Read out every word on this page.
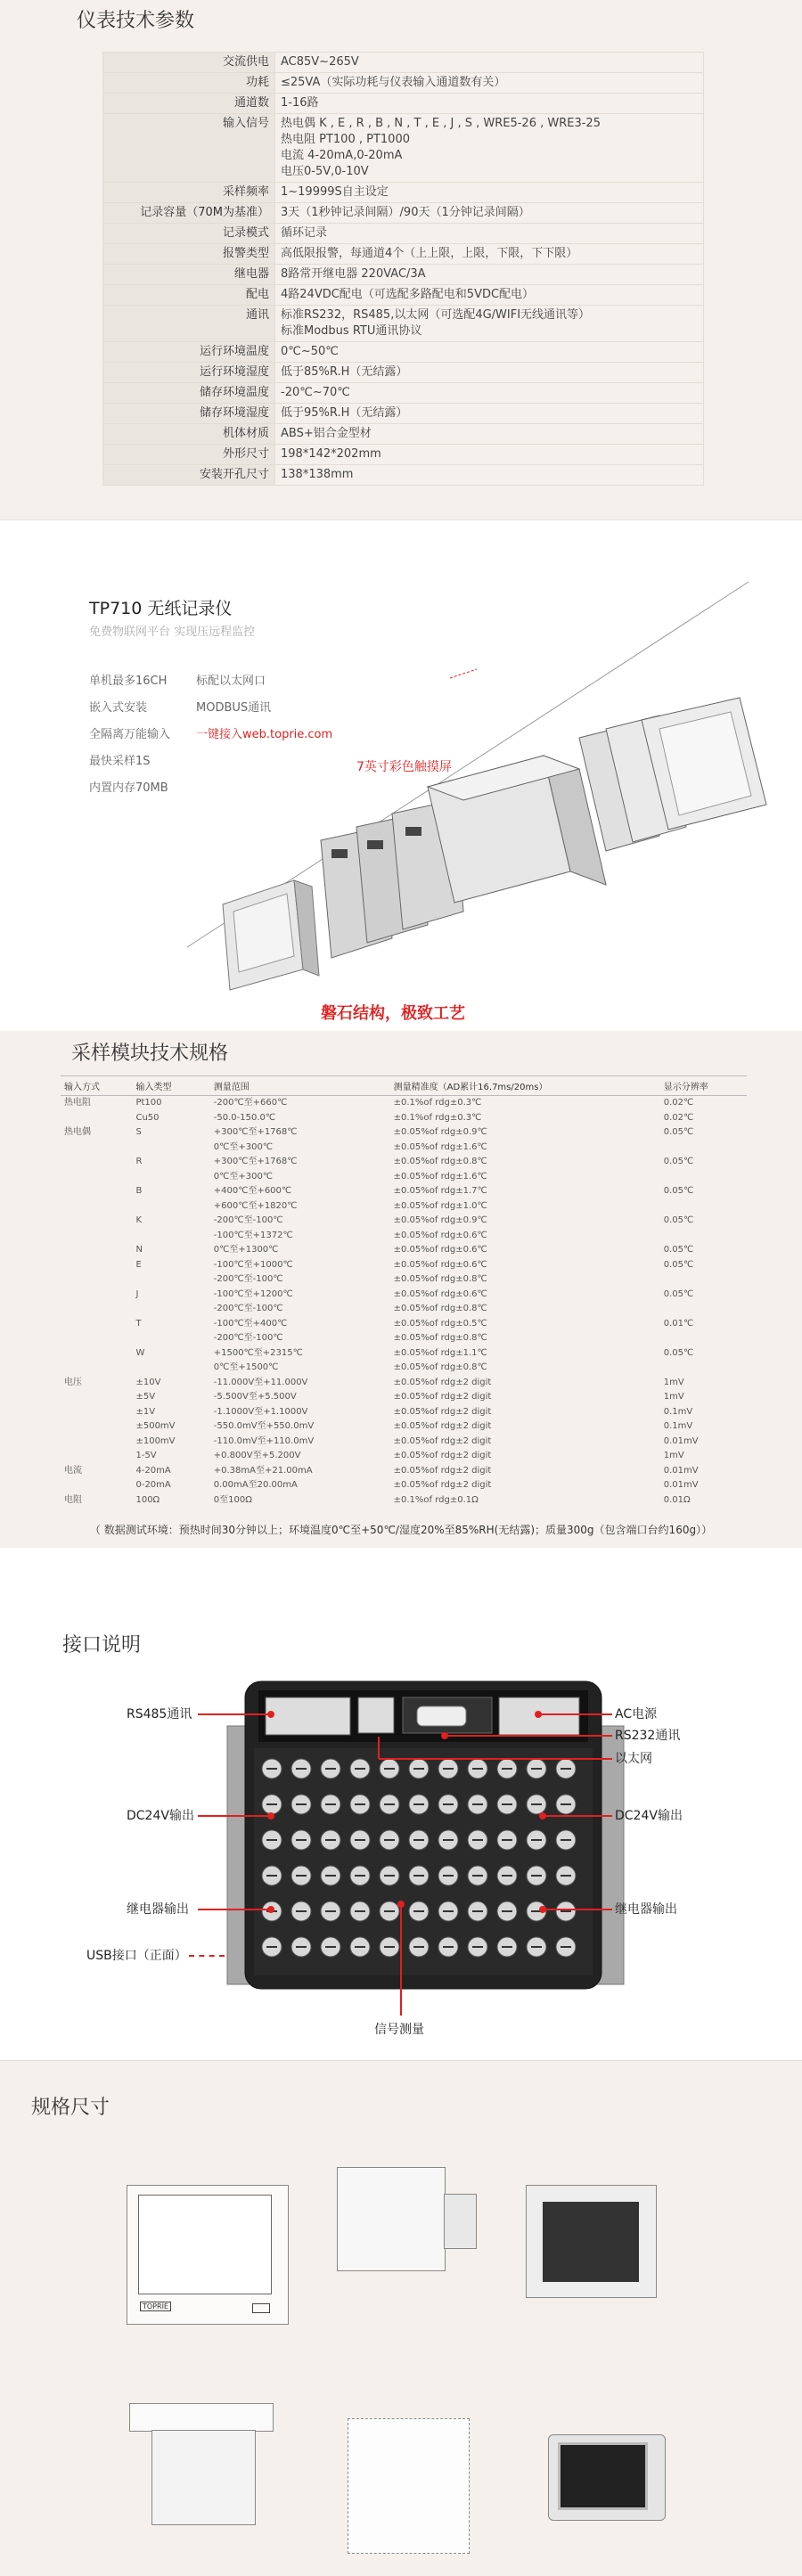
仪表技术参数
交流供电	AC85V~265V
功耗	≤25VA（实际功耗与仪表输入通道数有关）
通道数	1-16路
输入信号	热电偶 K , E , R , B , N , T , E , J , S , WRE5-26 , WRE3-25
热电阻 PT100 , PT1000
电流 4-20mA,0-20mA
电压0-5V,0-10V
采样频率	1~19999S自主设定
记录容量（70M为基准）	3天（1秒钟记录间隔）/90天（1分钟记录间隔）
记录模式	循环记录
报警类型	高低限报警，每通道4个（上上限，上限，下限，下下限）
继电器	8路常开继电器 220VAC/3A
配电	4路24VDC配电（可选配多路配电和5VDC配电）
通讯	标准RS232，RS485,以太网（可选配4G/WIFI无线通讯等）
标准Modbus RTU通讯协议
运行环境温度	0℃~50℃
运行环境湿度	低于85%R.H（无结露）
储存环境温度	-20℃~70℃
储存环境湿度	低于95%R.H（无结露）
机体材质	ABS+铝合金型材
外形尺寸	198*142*202mm
安装开孔尺寸	138*138mm
TP710 无纸记录仪
免费物联网平台 实现压远程监控
单机最多16CH	标配以太网口
嵌入式安装	MODBUS通讯
全隔离万能输入 一键接入web.toprie.com
最快采样1S
内置内存70MB
7英寸彩色触摸屏
磐石结构，极致工艺
采样模块技术规格
输入方式	输入类型	测量范围	测量精准度（AD累计16.7ms/20ms）	显示分辨率
热电阻	Pt100	-200℃至+660℃	±0.1%of rdg±0.3℃	0.02℃
	Cu50	-50.0-150.0℃	±0.1%of rdg±0.3℃	0.02℃
热电偶	S	+300℃至+1768℃	±0.05%of rdg±0.9℃	0.05℃
		0℃至+300℃	±0.05%of rdg±1.6℃	
	R	+300℃至+1768℃	±0.05%of rdg±0.8℃	0.05℃
		0℃至+300℃	±0.05%of rdg±1.6℃	
	B	+400℃至+600℃	±0.05%of rdg±1.7℃	0.05℃
		+600℃至+1820℃	±0.05%of rdg±1.0℃	
	K	-200℃至-100℃	±0.05%of rdg±0.9℃	0.05℃
		-100℃至+1372℃	±0.05%of rdg±0.6℃	
	N	0℃至+1300℃	±0.05%of rdg±0.6℃	0.05℃
	E	-100℃至+1000℃	±0.05%of rdg±0.6℃	0.05℃
		-200℃至-100℃	±0.05%of rdg±0.8℃	
	J	-100℃至+1200℃	±0.05%of rdg±0.6℃	0.05℃
		-200℃至-100℃	±0.05%of rdg±0.8℃	
	T	-100℃至+400℃	±0.05%of rdg±0.5℃	0.01℃
		-200℃至-100℃	±0.05%of rdg±0.8℃	
	W	+1500℃至+2315℃	±0.05%of rdg±1.1℃	0.05℃
		0℃至+1500℃	±0.05%of rdg±0.8℃	
电压	±10V	-11.000V至+11.000V	±0.05%of rdg±2 digit	1mV
	±5V	-5.500V至+5.500V	±0.05%of rdg±2 digit	1mV
	±1V	-1.1000V至+1.1000V	±0.05%of rdg±2 digit	0.1mV
	±500mV	-550.0mV至+550.0mV	±0.05%of rdg±2 digit	0.1mV
	±100mV	-110.0mV至+110.0mV	±0.05%of rdg±2 digit	0.01mV
	1-5V	+0.800V至+5.200V	±0.05%of rdg±2 digit	1mV
电流	4-20mA	+0.38mA至+21.00mA	±0.05%of rdg±2 digit	0.01mV
	0-20mA	0.00mA至20.00mA	±0.05%of rdg±2 digit	0.01mV
电阻	100Ω	0至100Ω	±0.1%of rdg±0.1Ω	0.01Ω
（ 数据测试环境：预热时间30分钟以上；环境温度0℃至+50℃/湿度20%至85%RH(无结露)；质量300g（包含端口台约160g））
接口说明
RS485通讯
DC24V输出
继电器输出
USB接口（正面）
AC电源
RS232通讯
以太网
DC24V输出
继电器输出
信号测量
规格尺寸
TOPRIE
